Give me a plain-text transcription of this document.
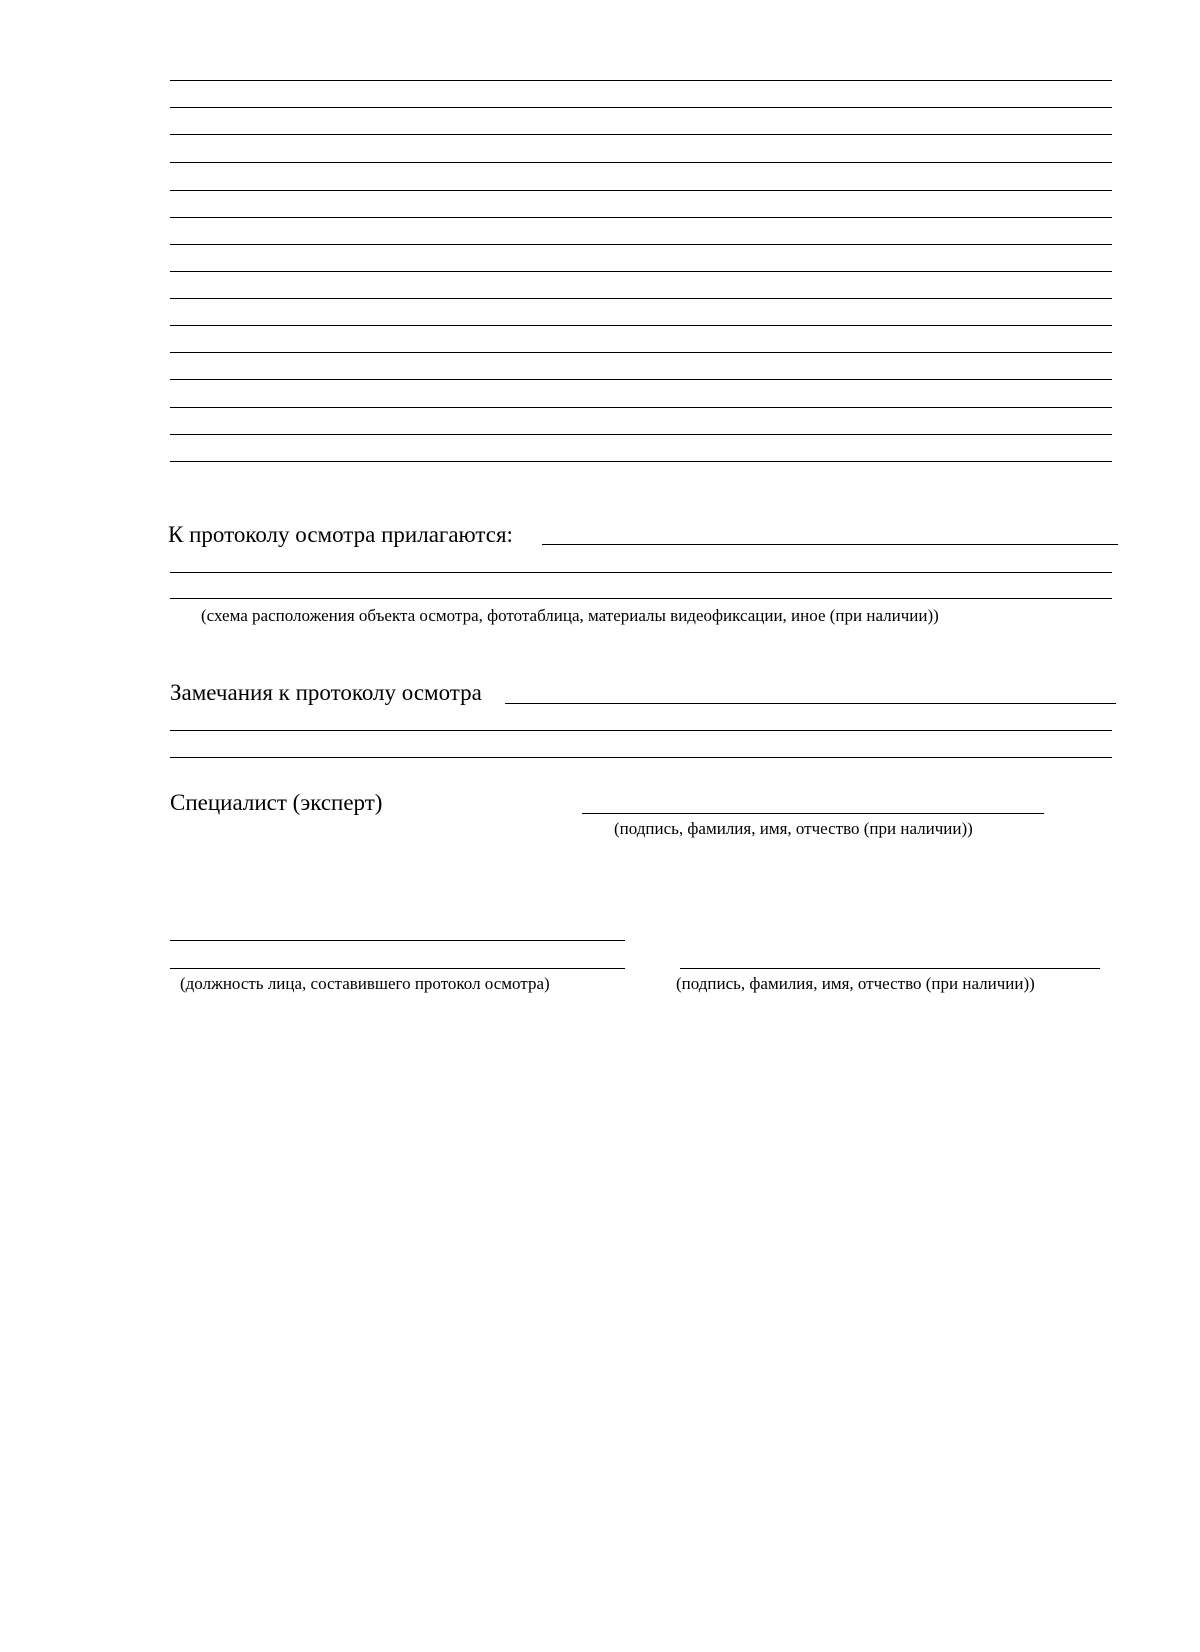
К протоколу осмотра прилагаются:
(схема расположения объекта осмотра, фототаблица, материалы видеофиксации, иное (при наличии))
Замечания к протоколу осмотра
Специалист (эксперт)
(подпись, фамилия, имя, отчество (при наличии))
(должность лица, составившего протокол осмотра)	(подпись, фамилия, имя, отчество (при наличии))
